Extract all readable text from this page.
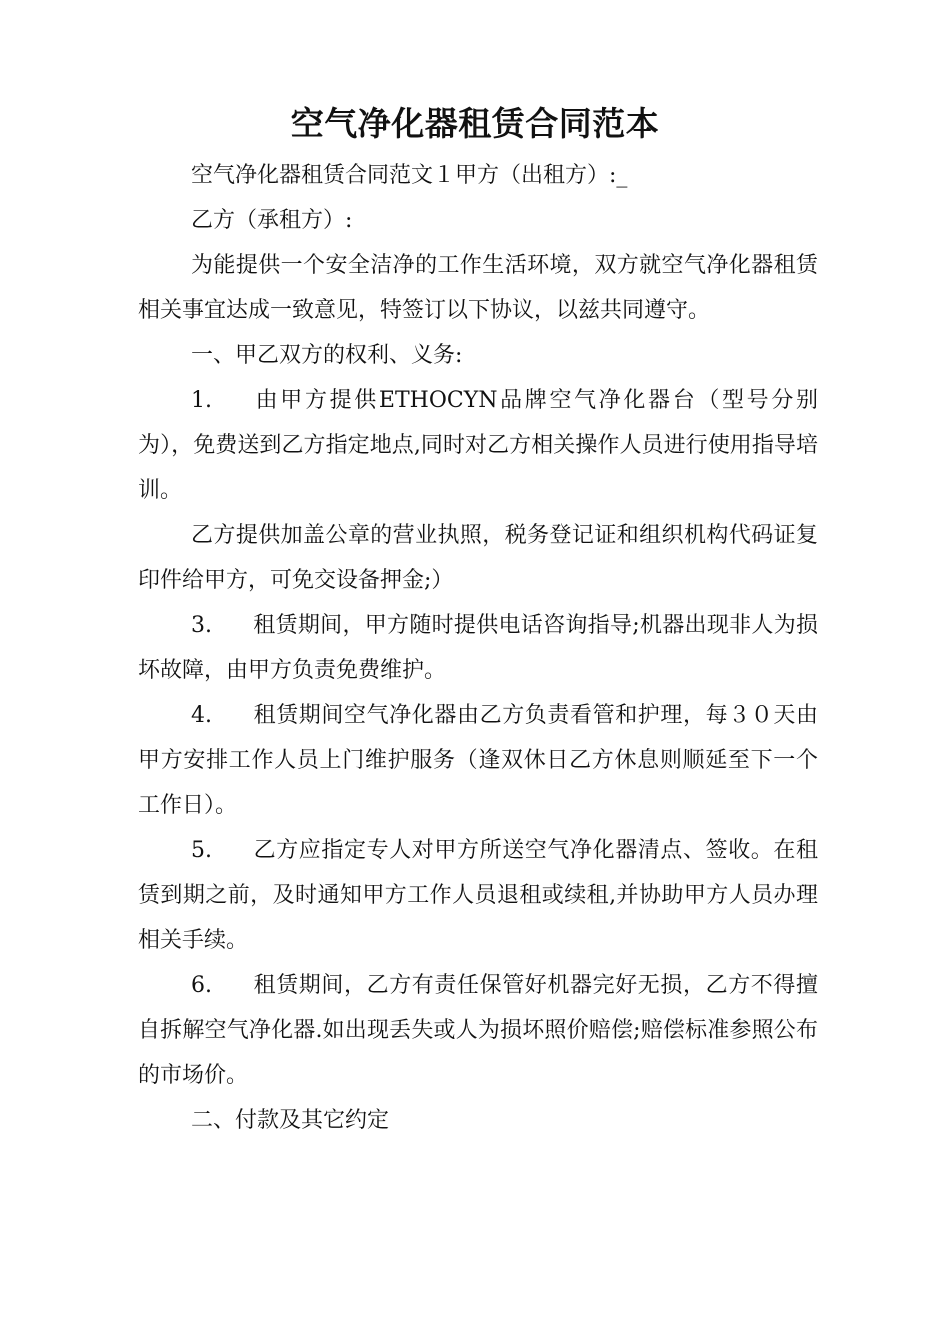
空气净化器租赁合同范本

空气净化器租赁合同范文１甲方（出租方）:_

乙方（承租方）:

为能提供一个安全洁净的工作生活环境，双方就空气净化器租赁相关事宜达成一致意见，特签订以下协议，以兹共同遵守。

一、甲乙双方的权利、义务:

1. 由甲方提供ETHOCYN品牌空气净化器台（型号分别为），免费送到乙方指定地点,同时对乙方相关操作人员进行使用指导培训。

乙方提供加盖公章的营业执照，税务登记证和组织机构代码证复印件给甲方，可免交设备押金;）

3. 租赁期间，甲方随时提供电话咨询指导;机器出现非人为损坏故障，由甲方负责免费维护。

4. 租赁期间空气净化器由乙方负责看管和护理，每３０天由甲方安排工作人员上门维护服务（逢双休日乙方休息则顺延至下一个工作日）。

5. 乙方应指定专人对甲方所送空气净化器清点、签收。在租赁到期之前，及时通知甲方工作人员退租或续租,并协助甲方人员办理相关手续。

6. 租赁期间，乙方有责任保管好机器完好无损，乙方不得擅自拆解空气净化器.如出现丢失或人为损坏照价赔偿;赔偿标准参照公布的市场价。

二、付款及其它约定
